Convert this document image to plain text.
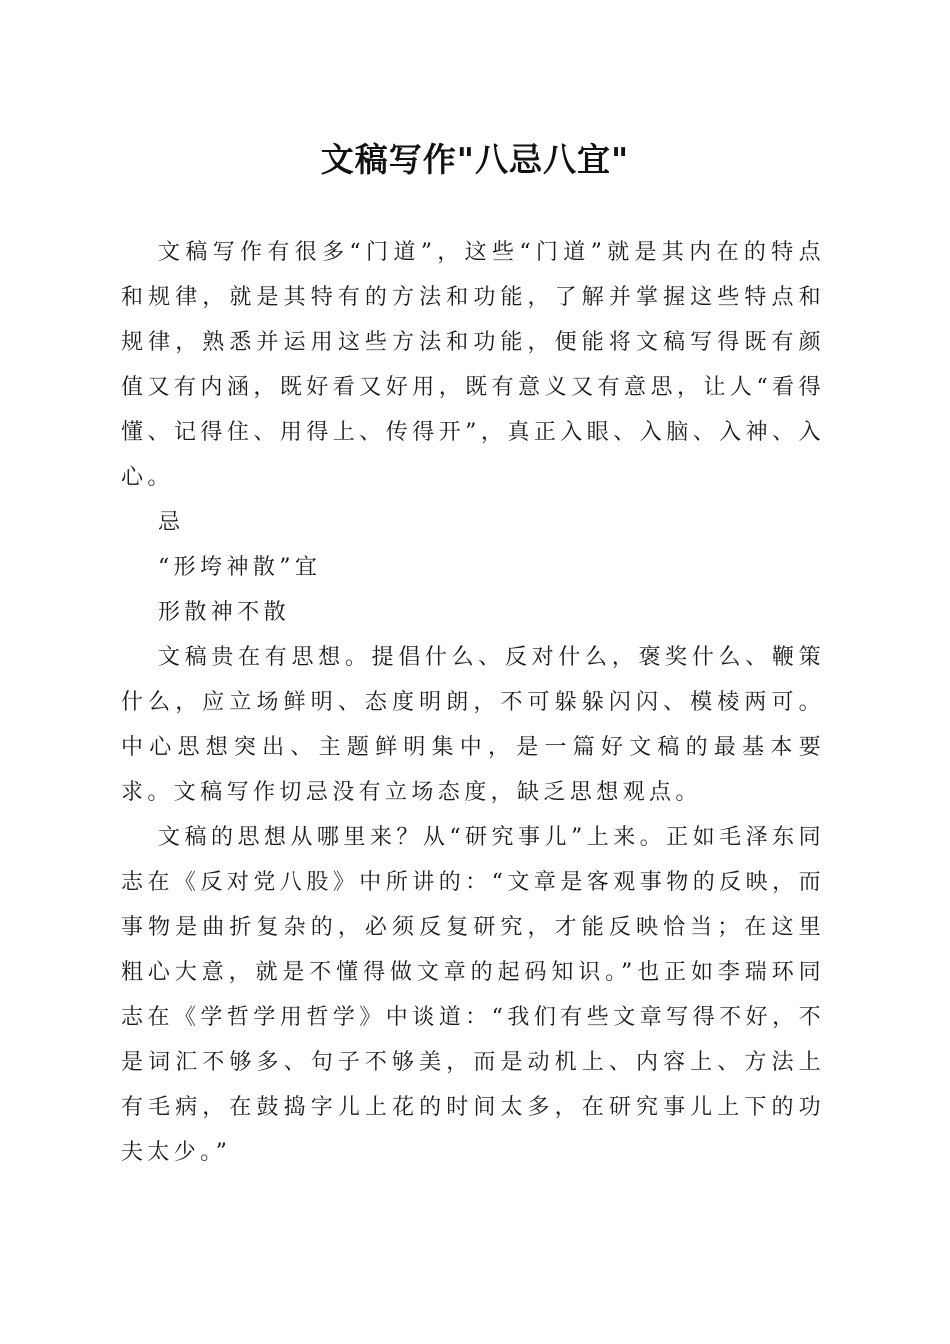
文稿写作"八忌八宜"

文稿写作有很多“门道”，这些“门道”就是其内在的特点和规律，就是其特有的方法和功能，了解并掌握这些特点和规律，熟悉并运用这些方法和功能，便能将文稿写得既有颜值又有内涵，既好看又好用，既有意义又有意思，让人“看得懂、记得住、用得上、传得开”，真正入眼、入脑、入神、入心。

忌

“形垮神散”宜

形散神不散

文稿贵在有思想。提倡什么、反对什么，褒奖什么、鞭策什么，应立场鲜明、态度明朗，不可躲躲闪闪、模棱两可。中心思想突出、主题鲜明集中，是一篇好文稿的最基本要求。文稿写作切忌没有立场态度，缺乏思想观点。

文稿的思想从哪里来？从“研究事儿”上来。正如毛泽东同志在《反对党八股》中所讲的：“文章是客观事物的反映，而事物是曲折复杂的，必须反复研究，才能反映恰当；在这里粗心大意，就是不懂得做文章的起码知识。”也正如李瑞环同志在《学哲学用哲学》中谈道：“我们有些文章写得不好，不是词汇不够多、句子不够美，而是动机上、内容上、方法上有毛病，在鼓捣字儿上花的时间太多，在研究事儿上下的功夫太少。”
